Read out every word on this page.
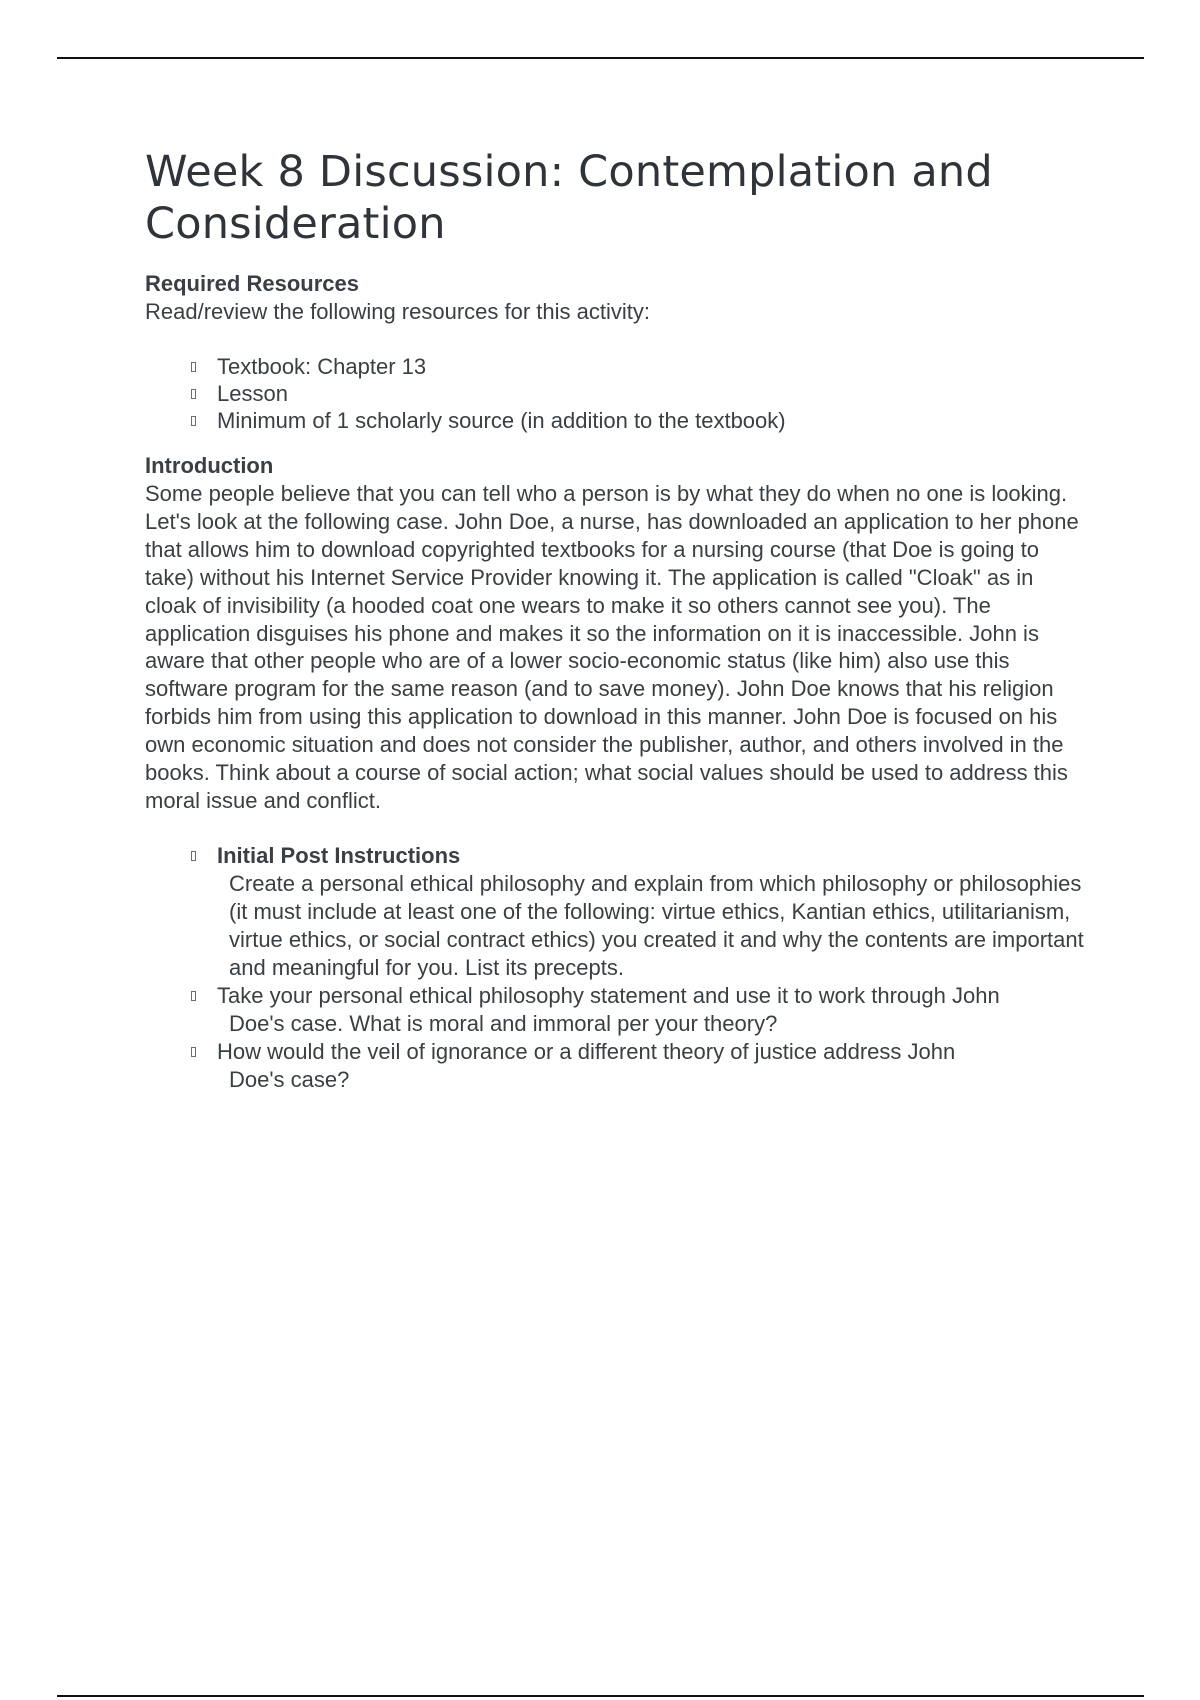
Week 8 Discussion: Contemplation and Consideration

Required Resources

Read/review the following resources for this activity:

Textbook: Chapter 13
Lesson
Minimum of 1 scholarly source (in addition to the textbook)

Introduction

Some people believe that you can tell who a person is by what they do when no one is looking. Let's look at the following case. John Doe, a nurse, has downloaded an application to her phone that allows him to download copyrighted textbooks for a nursing course (that Doe is going to take) without his Internet Service Provider knowing it. The application is called "Cloak" as in cloak of invisibility (a hooded coat one wears to make it so others cannot see you). The application disguises his phone and makes it so the information on it is inaccessible. John is aware that other people who are of a lower socio-economic status (like him) also use this software program for the same reason (and to save money). John Doe knows that his religion forbids him from using this application to download in this manner. John Doe is focused on his own economic situation and does not consider the publisher, author, and others involved in the books. Think about a course of social action; what social values should be used to address this moral issue and conflict.

Initial Post Instructions
Create a personal ethical philosophy and explain from which philosophy or philosophies (it must include at least one of the following: virtue ethics, Kantian ethics, utilitarianism, virtue ethics, or social contract ethics) you created it and why the contents are important and meaningful for you. List its precepts.
Take your personal ethical philosophy statement and use it to work through John
Doe's case. What is moral and immoral per your theory?
How would the veil of ignorance or a different theory of justice address John
Doe's case?
